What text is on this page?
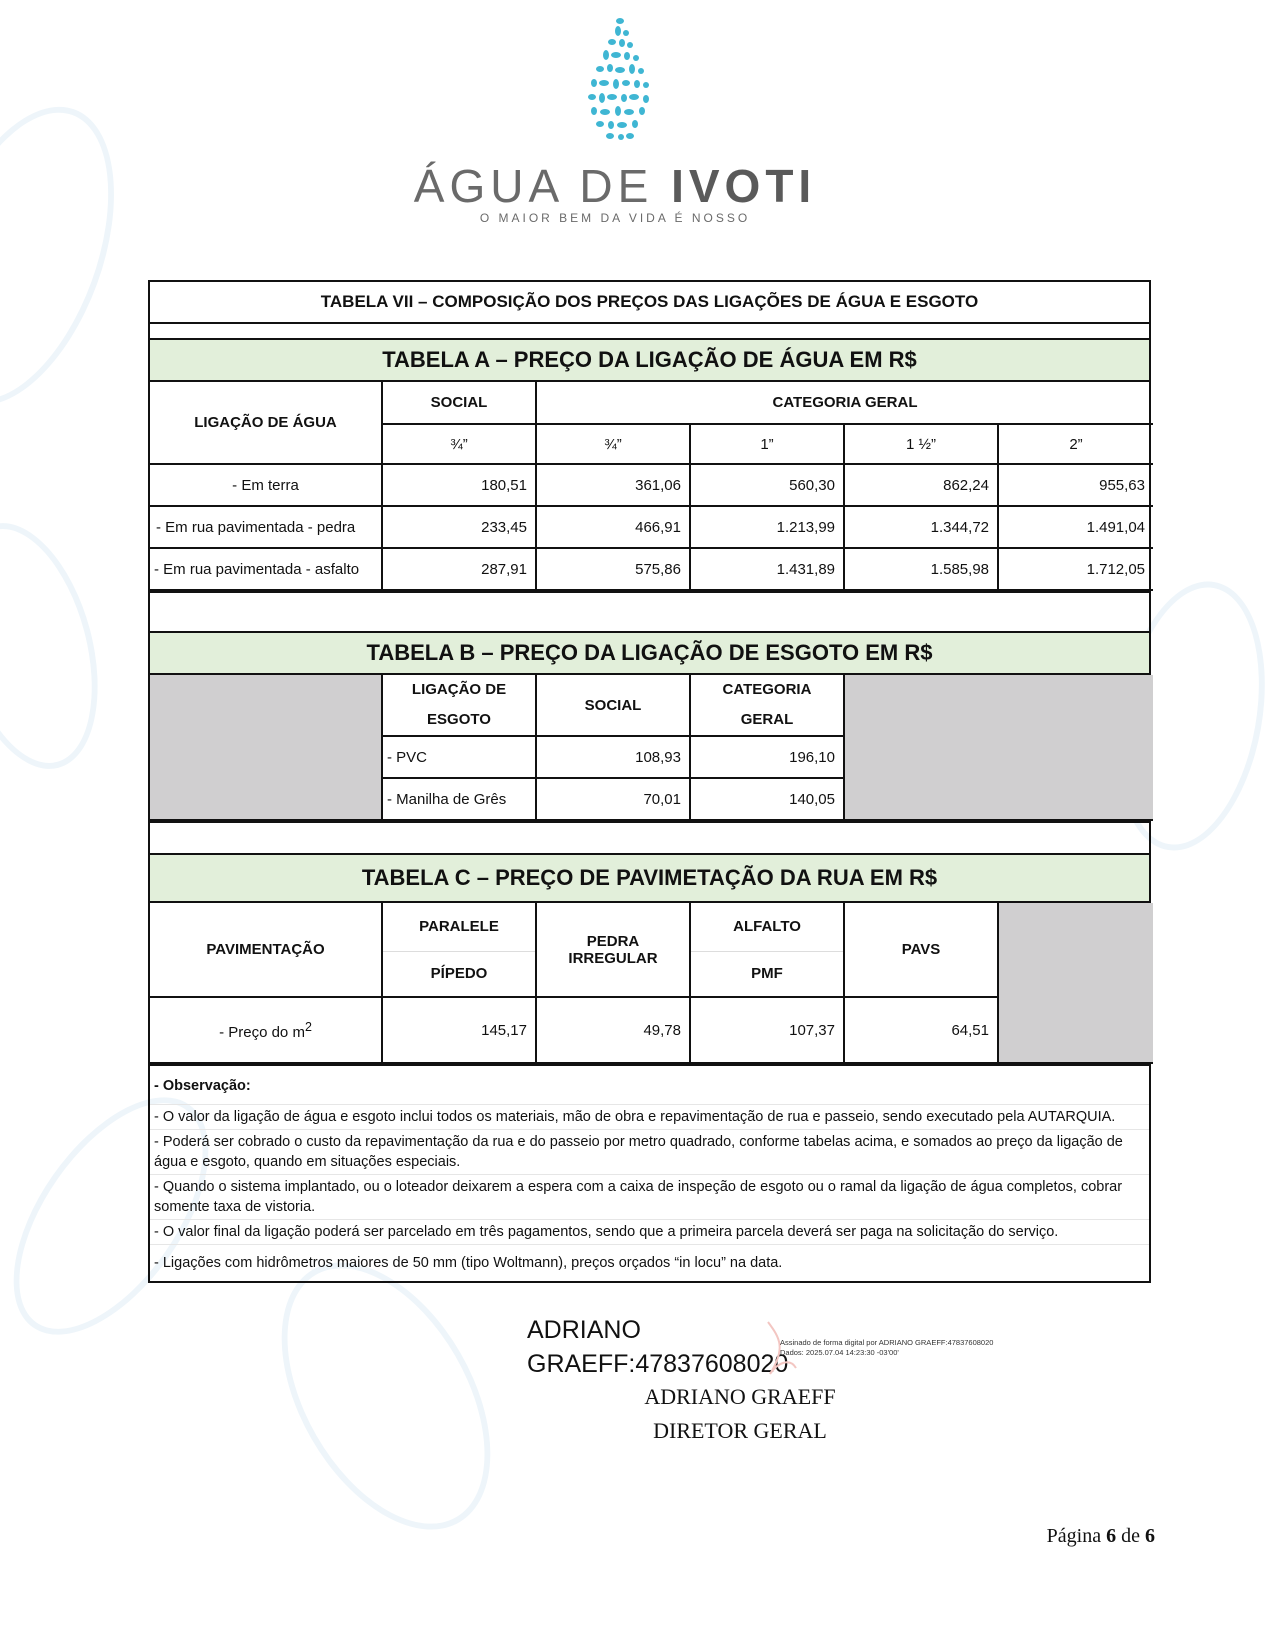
ÁGUA DE IVOTI
O MAIOR BEM DA VIDA É NOSSO
TABELA VII – COMPOSIÇÃO DOS PREÇOS DAS LIGAÇÕES DE ÁGUA E ESGOTO
TABELA A – PREÇO DA LIGAÇÃO DE ÁGUA EM R$
LIGAÇÃO DE ÁGUA	SOCIAL	CATEGORIA GERAL			
	¾”	¾”	1”	1 ½”	2”
- Em terra	180,51	361,06	560,30	862,24	955,63
- Em rua pavimentada - pedra	233,45	466,91	1.213,99	1.344,72	1.491,04
- Em rua pavimentada - asfalto	287,91	575,86	1.431,89	1.585,98	1.712,05
TABELA B – PREÇO DA LIGAÇÃO DE ESGOTO EM R$
	LIGAÇÃO DE ESGOTO	SOCIAL	CATEGORIA GERAL	
	- PVC	108,93	196,10	
	- Manilha de Grês	70,01	140,05	
TABELA C – PREÇO DE PAVIMETAÇÃO DA RUA EM R$
PAVIMENTAÇÃO	PARALELE	PEDRA IRREGULAR	ALFALTO	PAVS	
	PÍPEDO		PMF		
- Preço do $m^2$	145,17	49,78	107,37	64,51	
- Observação:
- O valor da ligação de água e esgoto inclui todos os materiais, mão de obra e repavimentação de rua e passeio, sendo executado pela AUTARQUIA.
- Poderá ser cobrado o custo da repavimentação da rua e do passeio por metro quadrado, conforme tabelas acima, e somados ao preço da ligação de água e esgoto, quando em situações especiais.
- Quando o sistema implantado, ou o loteador deixarem a espera com a caixa de inspeção de esgoto ou o ramal da ligação de água completos, cobrar somente taxa de vistoria.
- O valor final da ligação poderá ser parcelado em três pagamentos, sendo que a primeira parcela deverá ser paga na solicitação do serviço.
- Ligações com hidrômetros maiores de 50 mm (tipo Woltmann), preços orçados “in locu” na data.
ADRIANO
GRAEFF:47837608020
Assinado de forma digital por ADRIANO GRAEFF:47837608020
Dados: 2025.07.04 14:23:30 -03'00'
ADRIANO GRAEFF
DIRETOR GERAL
Página 6 de 6
